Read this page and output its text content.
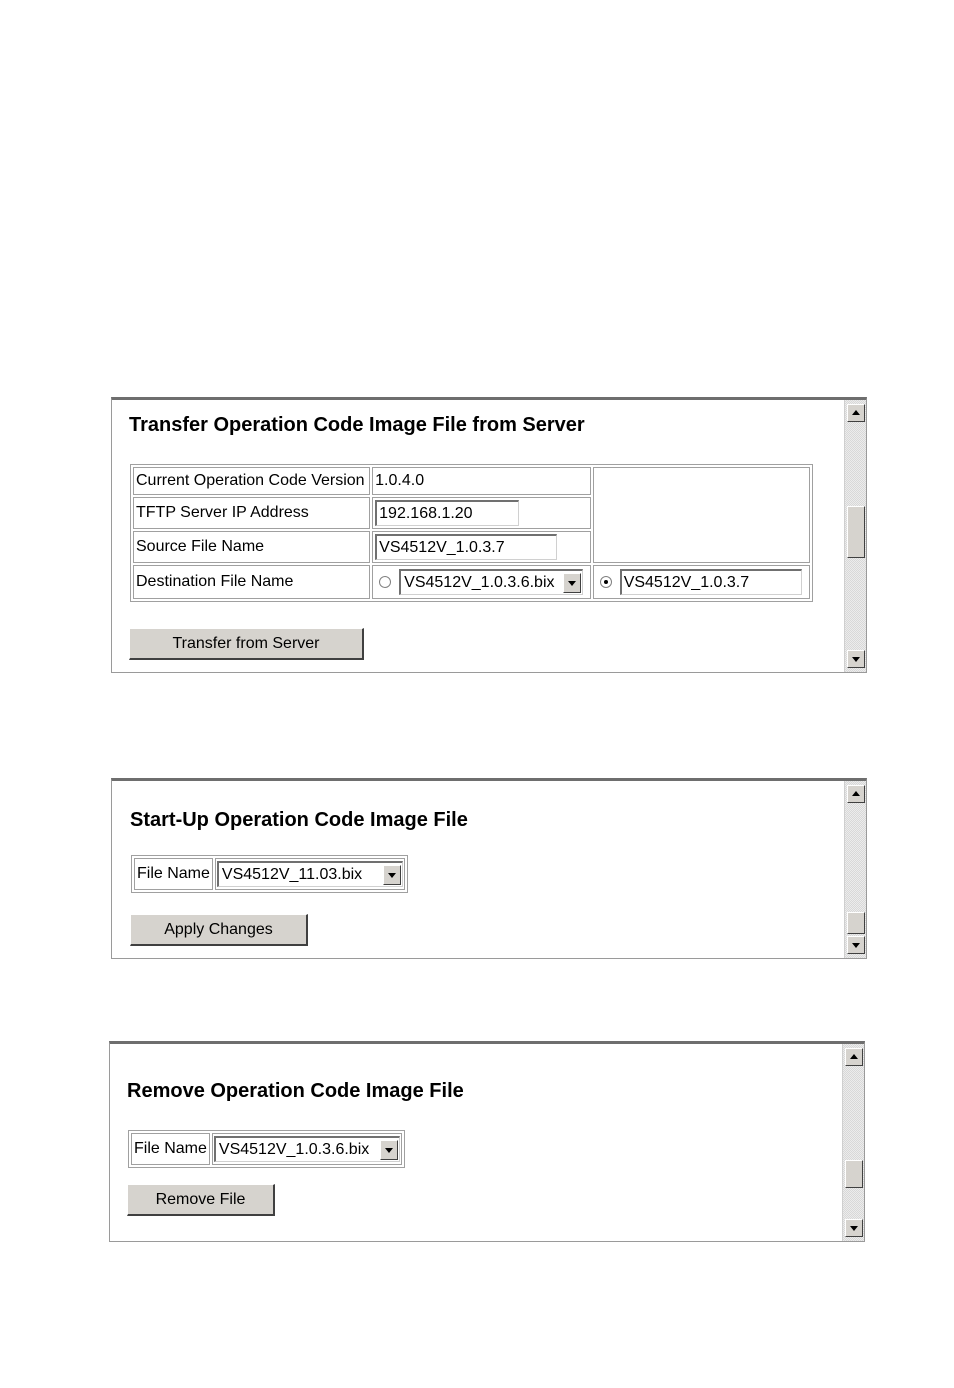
Transfer Operation Code Image File from Server
Current Operation Code Version	1.0.4.0	
TFTP Server IP Address	192.168.1.20	
Source File Name	VS4512V_1.0.3.7	
Destination File Name	VS4512V_1.0.3.6.bix	VS4512V_1.0.3.7
Transfer from Server
Start-Up Operation Code Image File
File Name	VS4512V_11.03.bix
Apply Changes
Remove Operation Code Image File
File Name	VS4512V_1.0.3.6.bix
Remove File
